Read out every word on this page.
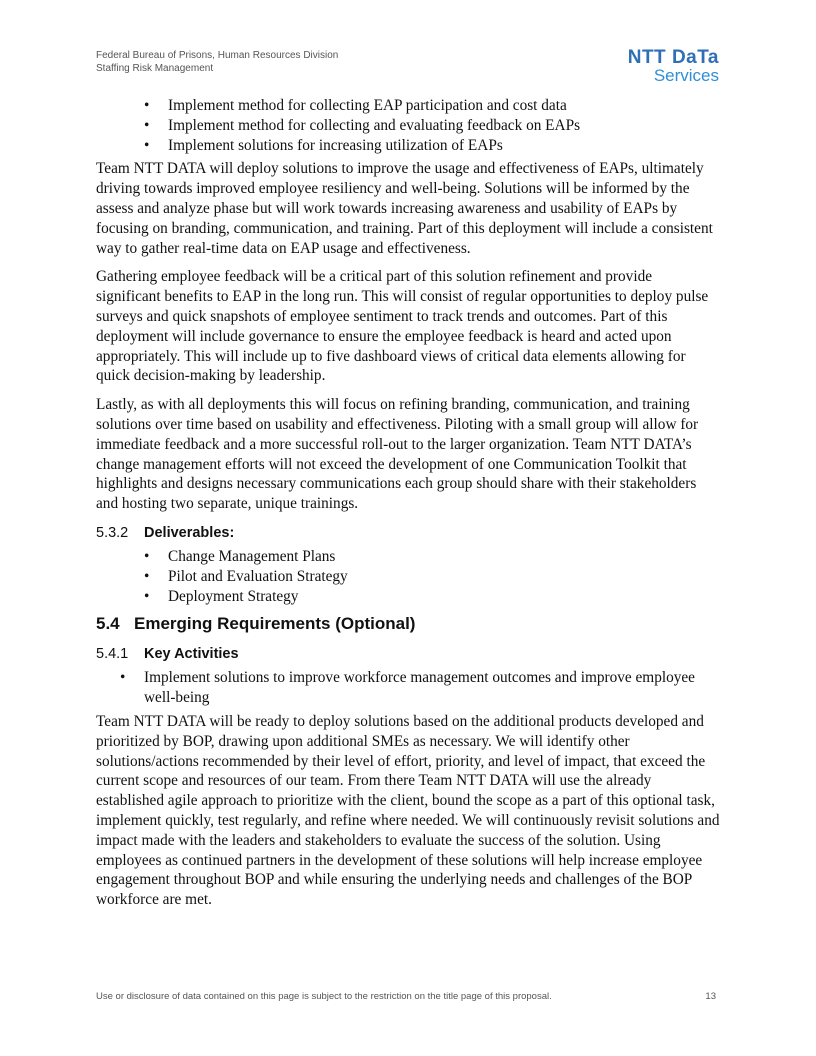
Federal Bureau of Prisons, Human Resources Division
Staffing Risk Management
NTT DaTa
Services
• Implement method for collecting EAP participation and cost data
• Implement method for collecting and evaluating feedback on EAPs
• Implement solutions for increasing utilization of EAPs

Team NTT DATA will deploy solutions to improve the usage and effectiveness of EAPs, ultimately driving towards improved employee resiliency and well-being. Solutions will be informed by the assess and analyze phase but will work towards increasing awareness and usability of EAPs by focusing on branding, communication, and training. Part of this deployment will include a consistent way to gather real-time data on EAP usage and effectiveness.

Gathering employee feedback will be a critical part of this solution refinement and provide significant benefits to EAP in the long run. This will consist of regular opportunities to deploy pulse surveys and quick snapshots of employee sentiment to track trends and outcomes. Part of this deployment will include governance to ensure the employee feedback is heard and acted upon appropriately. This will include up to five dashboard views of critical data elements allowing for quick decision-making by leadership.

Lastly, as with all deployments this will focus on refining branding, communication, and training solutions over time based on usability and effectiveness. Piloting with a small group will allow for immediate feedback and a more successful roll-out to the larger organization. Team NTT DATA’s change management efforts will not exceed the development of one Communication Toolkit that highlights and designs necessary communications each group should share with their stakeholders and hosting two separate, unique trainings.

5.3.2 Deliverables:
• Change Management Plans
• Pilot and Evaluation Strategy
• Deployment Strategy
5.4 Emerging Requirements (Optional)
5.4.1 Key Activities
• Implement solutions to improve workforce management outcomes and improve employee well-being

Team NTT DATA will be ready to deploy solutions based on the additional products developed and prioritized by BOP, drawing upon additional SMEs as necessary. We will identify other solutions/actions recommended by their level of effort, priority, and level of impact, that exceed the current scope and resources of our team. From there Team NTT DATA will use the already established agile approach to prioritize with the client, bound the scope as a part of this optional task, implement quickly, test regularly, and refine where needed. We will continuously revisit solutions and impact made with the leaders and stakeholders to evaluate the success of the solution. Using employees as continued partners in the development of these solutions will help increase employee engagement throughout BOP and while ensuring the underlying needs and challenges of the BOP workforce are met.

Use or disclosure of data contained on this page is subject to the restriction on the title page of this proposal.	13
